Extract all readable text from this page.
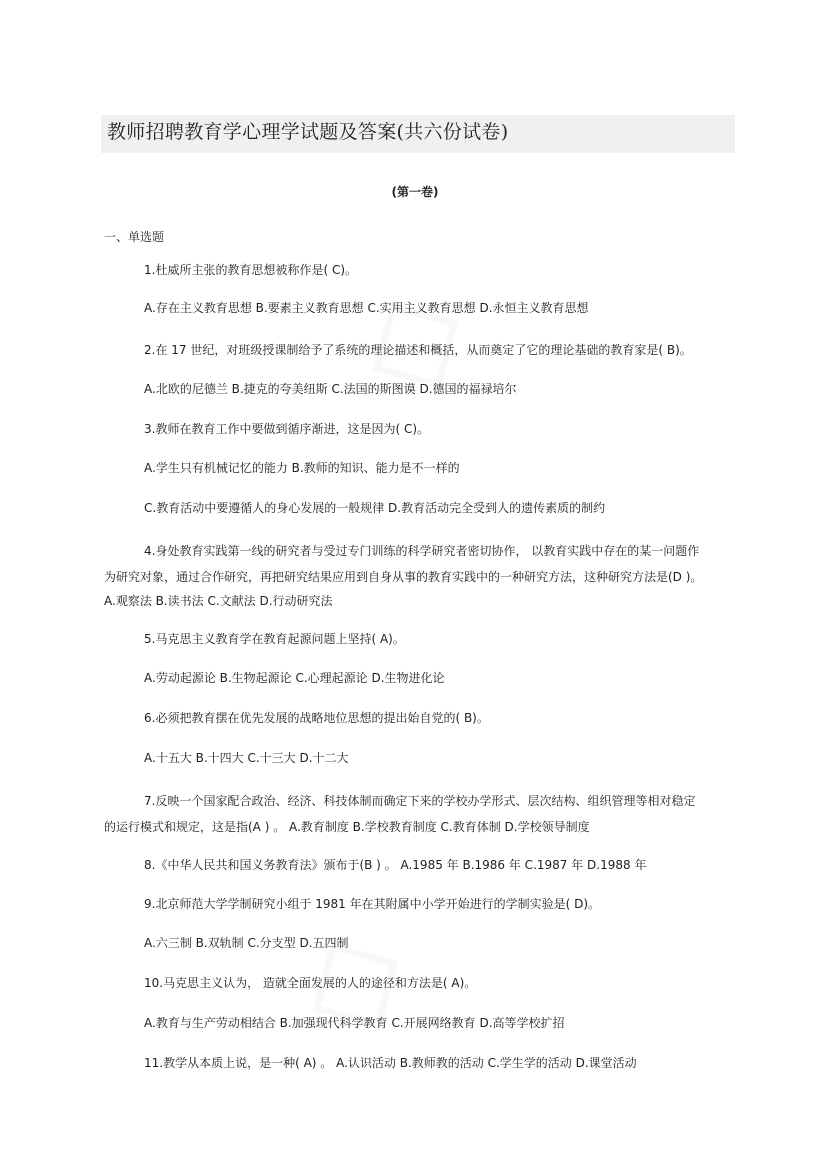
教师招聘教育学心理学试题及答案(共六份试卷)
(第一卷)
一、单选题
1.杜威所主张的教育思想被称作是( C)。
A.存在主义教育思想 B.要素主义教育思想 C.实用主义教育思想 D.永恒主义教育思想
2.在 17 世纪，对班级授课制给予了系统的理论描述和概括，从而奠定了它的理论基础的教育家是( B)。
A.北欧的尼德兰 B.捷克的夸美纽斯 C.法国的斯图谟 D.德国的福禄培尔
3.教师在教育工作中要做到循序渐进，这是因为( C)。
A.学生只有机械记忆的能力 B.教师的知识、能力是不一样的
C.教育活动中要遵循人的身心发展的一般规律 D.教育活动完全受到人的遗传素质的制约
4.身处教育实践第一线的研究者与受过专门训练的科学研究者密切协作， 以教育实践中存在的某一问题作
为研究对象，通过合作研究，再把研究结果应用到自身从事的教育实践中的一种研究方法，这种研究方法是(D )。
A.观察法 B.读书法 C.文献法 D.行动研究法
5.马克思主义教育学在教育起源问题上坚持( A)。
A.劳动起源论 B.生物起源论 C.心理起源论 D.生物进化论
6.必须把教育摆在优先发展的战略地位思想的提出始自党的( B)。
A.十五大 B.十四大 C.十三大 D.十二大
7.反映一个国家配合政治、经济、科技体制而确定下来的学校办学形式、层次结构、组织管理等相对稳定
的运行模式和规定，这是指(A ) 。 A.教育制度 B.学校教育制度 C.教育体制 D.学校领导制度
8.《中华人民共和国义务教育法》颁布于(B ) 。 A.1985 年 B.1986 年 C.1987 年 D.1988 年
9.北京师范大学学制研究小组于 1981 年在其附属中小学开始进行的学制实验是( D)。
A.六三制 B.双轨制 C.分支型 D.五四制
10.马克思主义认为， 造就全面发展的人的途径和方法是( A)。
A.教育与生产劳动相结合 B.加强现代科学教育 C.开展网络教育 D.高等学校扩招
11.教学从本质上说，是一种( A) 。 A.认识活动 B.教师教的活动 C.学生学的活动 D.课堂活动
